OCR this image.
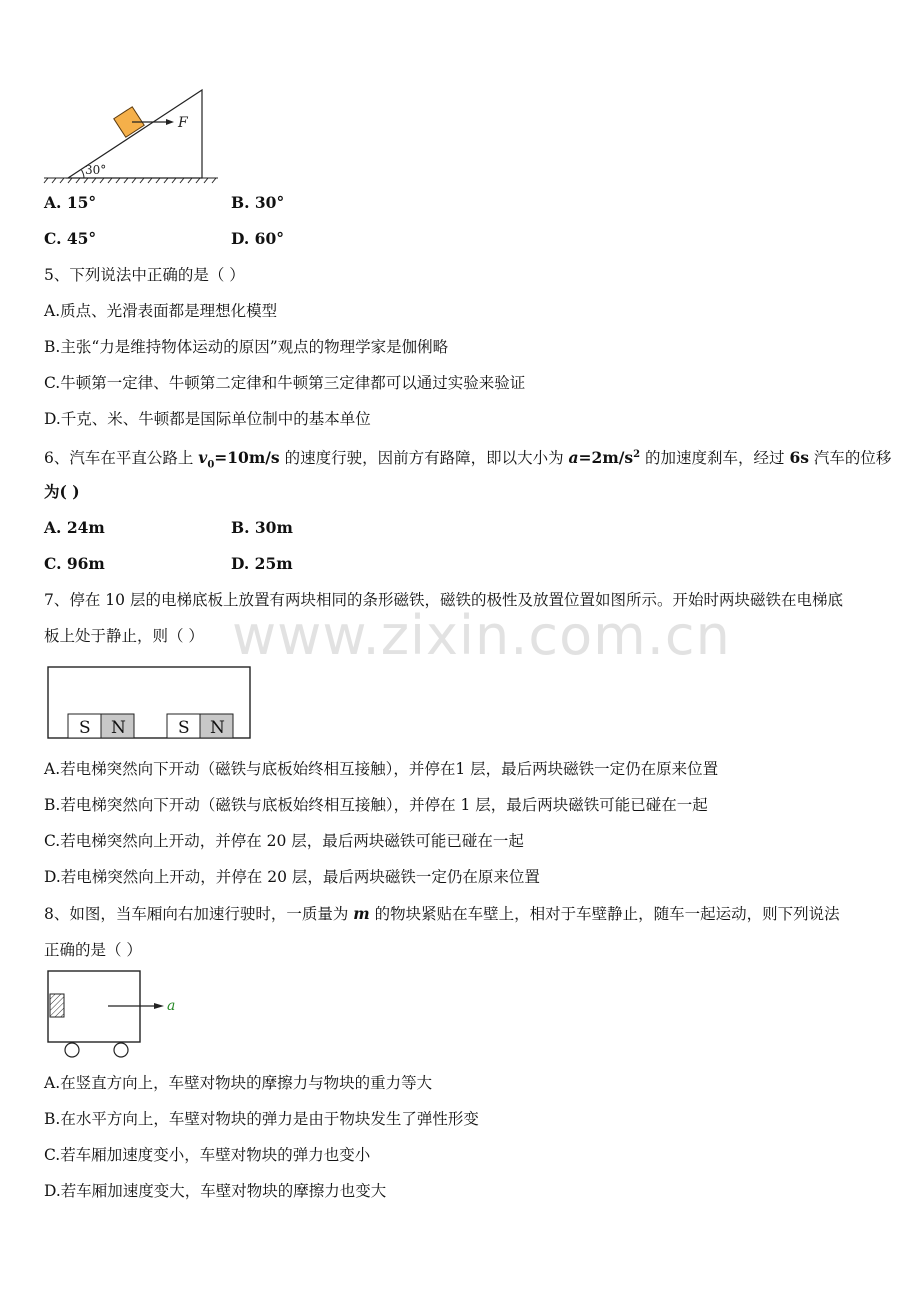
30°
F
A. 15°	B. 30°
C. 45°	D. 60°
5、下列说法中正确的是（ ）
A.质点、光滑表面都是理想化模型
B.主张“力是维持物体运动的原因”观点的物理学家是伽俐略
C.牛顿第一定律、牛顿第二定律和牛顿第三定律都可以通过实验来验证
D.千克、米、牛顿都是国际单位制中的基本单位
6、汽车在平直公路上 $v_0=10m/s$ 的速度行驶，因前方有路障，即以大小为 $a=2m/s^2$ 的加速度刹车，经过 6s 汽车的位移
为( )
A. 24m	B. 30m
C. 96m	D. 25m
7、停在 10 层的电梯底板上放置有两块相同的条形磁铁，磁铁的极性及放置位置如图所示。开始时两块磁铁在电梯底
板上处于静止，则（ ） www.zixin.com.cn
S N	S N
A.若电梯突然向下开动（磁铁与底板始终相互接触），并停在1 层，最后两块磁铁一定仍在原来位置
B.若电梯突然向下开动（磁铁与底板始终相互接触），并停在 1 层，最后两块磁铁可能已碰在一起
C.若电梯突然向上开动，并停在 20 层，最后两块磁铁可能已碰在一起
D.若电梯突然向上开动，并停在 20 层，最后两块磁铁一定仍在原来位置
8、如图，当车厢向右加速行驶时，一质量为 m 的物块紧贴在车壁上，相对于车壁静止，随车一起运动，则下列说法
正确的是（ ）
a
A.在竖直方向上，车壁对物块的摩擦力与物块的重力等大
B.在水平方向上，车壁对物块的弹力是由于物块发生了弹性形变
C.若车厢加速度变小，车壁对物块的弹力也变小
D.若车厢加速度变大，车壁对物块的摩擦力也变大
